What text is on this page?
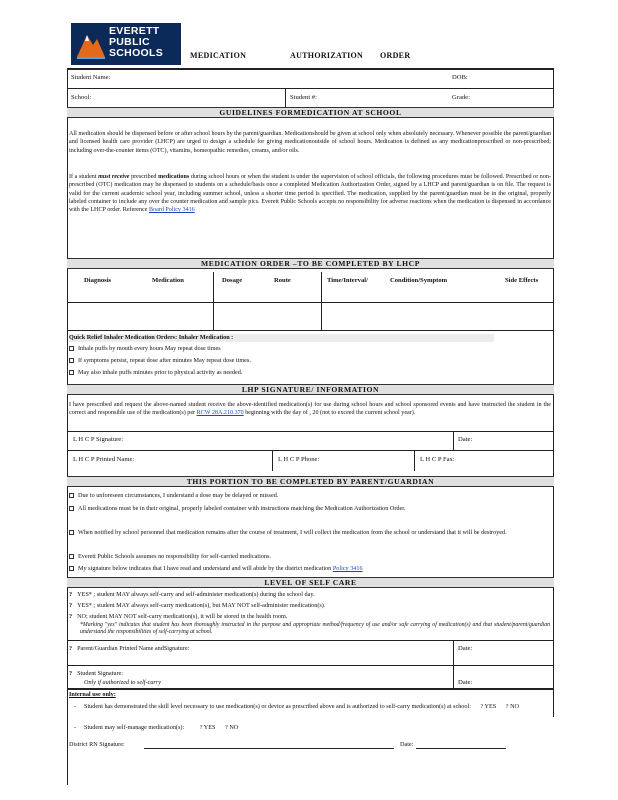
EVERETT
PUBLIC
SCHOOLS	MEDICATION	AUTHORIZATION ORDER
Student Name:	DOB:
School:	Student #:	Grade:
GUIDELINES FORMEDICATION AT SCHOOL
All medication should be dispensed before or after school hours by the parent/guardian. Medicationshould be given at school only when absolutely necessary. Whenever possible the parent/guardian and licensed health care provider (LHCP) are urged to design a schedule for giving medicationoutside of school hours. Medication is defined as any medicationprescribed or non-prescribed; including over-the-counter items (OTC), vitamins, homeopathic remedies, creams, and/or oils.
If a student must receive prescribed medications during school hours or when the student is under the supervision of school officials, the following procedures must be followed. Prescribed or non-prescribed (OTC) medication may be dispensed to students on a schedule/basis once a completed Medication Authorization Order, signed by a LHCP and parent/guardian is on file. The request is valid for the current academic school year, including summer school, unless a shorter time period is specified. The medication, supplied by the parent/guardian must be in the original, properly labeled container to include any over the counter medication and sample pics. Everett Public Schools accepts no responsibility for adverse reactions when the medication is dispensed in accordance with the LHCP order. Reference Board Policy 3416
MEDICATION ORDER –TO BE COMPLETED BY LHCP
Diagnosis	Medication	Dosage	Route	Time/Interval/	Condition/Symptom	Side Effects
Quick Relief Inhaler Medication Orders: Inhaler Medication :
Inhale puffs by mouth every hours May repeat dose times
If symptoms persist, repeat dose after minutes May repeat dose times.
May also inhale puffs minutes prior to physical activity as needed.
LHP SIGNATURE/ INFORMATION
I have prescribed and request the above-named student receive the above-identified medication(s) for use during school hours and school sponsored events and have instructed the student in the correct and responsible use of the medication(s) per RCW 28A.210.370 beginning with the day of , 20 (not to exceed the current school year).
L H C P Signature:	Date:
L H C P Printed Name:	L H C P Phone:	L H C P Fax:
THIS PORTION TO BE COMPLETED BY PARENT/GUARDIAN
Due to unforeseen circumstances, I understand a dose may be delayed or missed.
All medications must be in their original, properly labeled container with instructions matching the Medication Authorization Order.
When notified by school personnel that medication remains after the course of treatment, I will collect the medication from the school or understand that it will be destroyed.
Everett Public Schools assumes no responsibility for self-carried medications.
My signature below indicates that I have read and understand and will abide by the district medication Policy 3416
LEVEL OF SELF CARE
? YES* ; student MAY always self-carry and self-administer medication(s) during the school day.
? YES* ; student MAY always self-carry medication(s), but MAY NOT self-administer medication(s).
? NO; student MAY NOT self-carry medication(s), it will be stored in the health room.
*Marking "yes" indicates that student has been thoroughly instructed in the purpose and appropriate method/frequency of use and/or safe carrying of medication(s) and that student/parent/guardian understand the responsibilities of self-carrying at school.
? Parent/Guardian Printed Name andSignature:	Date:
? Student Signature:
Only if authorized to self-carry	Date:
Internal use only:
- Student has demonstrated the skill level necessary to use medication(s) or device as prescribed above and is authorized to self-carry medication(s) at school: ? YES ? NO
- Student may self-manage medication(s):	? YES ? NO
District RN Signature:	Date:
